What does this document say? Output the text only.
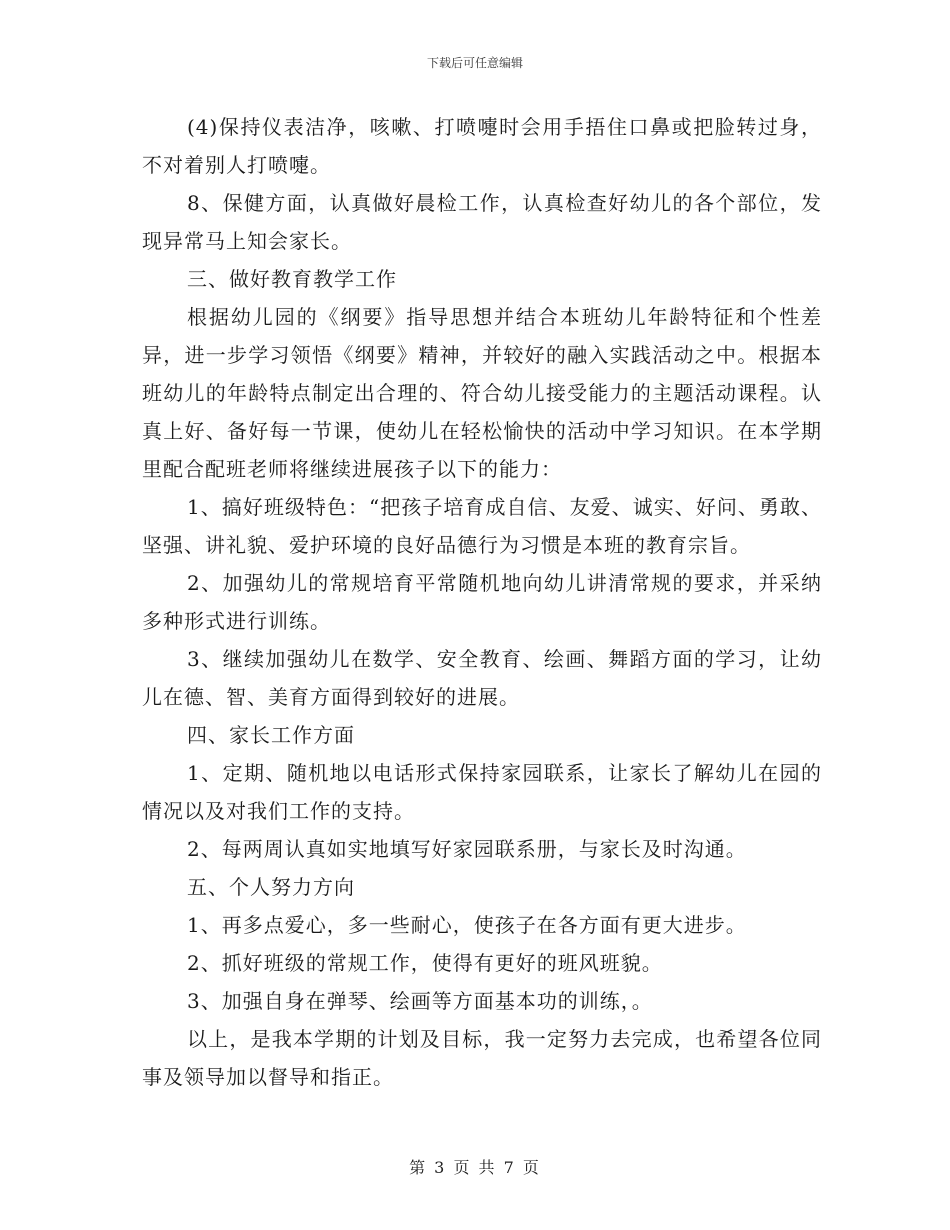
下载后可任意编辑

(4)保持仪表洁净，咳嗽、打喷嚏时会用手捂住口鼻或把脸转过身，不对着别人打喷嚏。

8、保健方面，认真做好晨检工作，认真检查好幼儿的各个部位，发现异常马上知会家长。

三、做好教育教学工作

根据幼儿园的《纲要》指导思想并结合本班幼儿年龄特征和个性差异，进一步学习领悟《纲要》精神，并较好的融入实践活动之中。根据本班幼儿的年龄特点制定出合理的、符合幼儿接受能力的主题活动课程。认真上好、备好每一节课，使幼儿在轻松愉快的活动中学习知识。在本学期里配合配班老师将继续进展孩子以下的能力：

1、搞好班级特色：“把孩子培育成自信、友爱、诚实、好问、勇敢、坚强、讲礼貌、爱护环境的良好品德行为习惯是本班的教育宗旨。

2、加强幼儿的常规培育平常随机地向幼儿讲清常规的要求，并采纳多种形式进行训练。

3、继续加强幼儿在数学、安全教育、绘画、舞蹈方面的学习，让幼儿在德、智、美育方面得到较好的进展。

四、家长工作方面

1、定期、随机地以电话形式保持家园联系，让家长了解幼儿在园的情况以及对我们工作的支持。

2、每两周认真如实地填写好家园联系册，与家长及时沟通。

五、个人努力方向

1、再多点爱心，多一些耐心，使孩子在各方面有更大进步。

2、抓好班级的常规工作，使得有更好的班风班貌。

3、加强自身在弹琴、绘画等方面基本功的训练，。

以上，是我本学期的计划及目标，我一定努力去完成，也希望各位同事及领导加以督导和指正。

第 3 页 共 7 页
